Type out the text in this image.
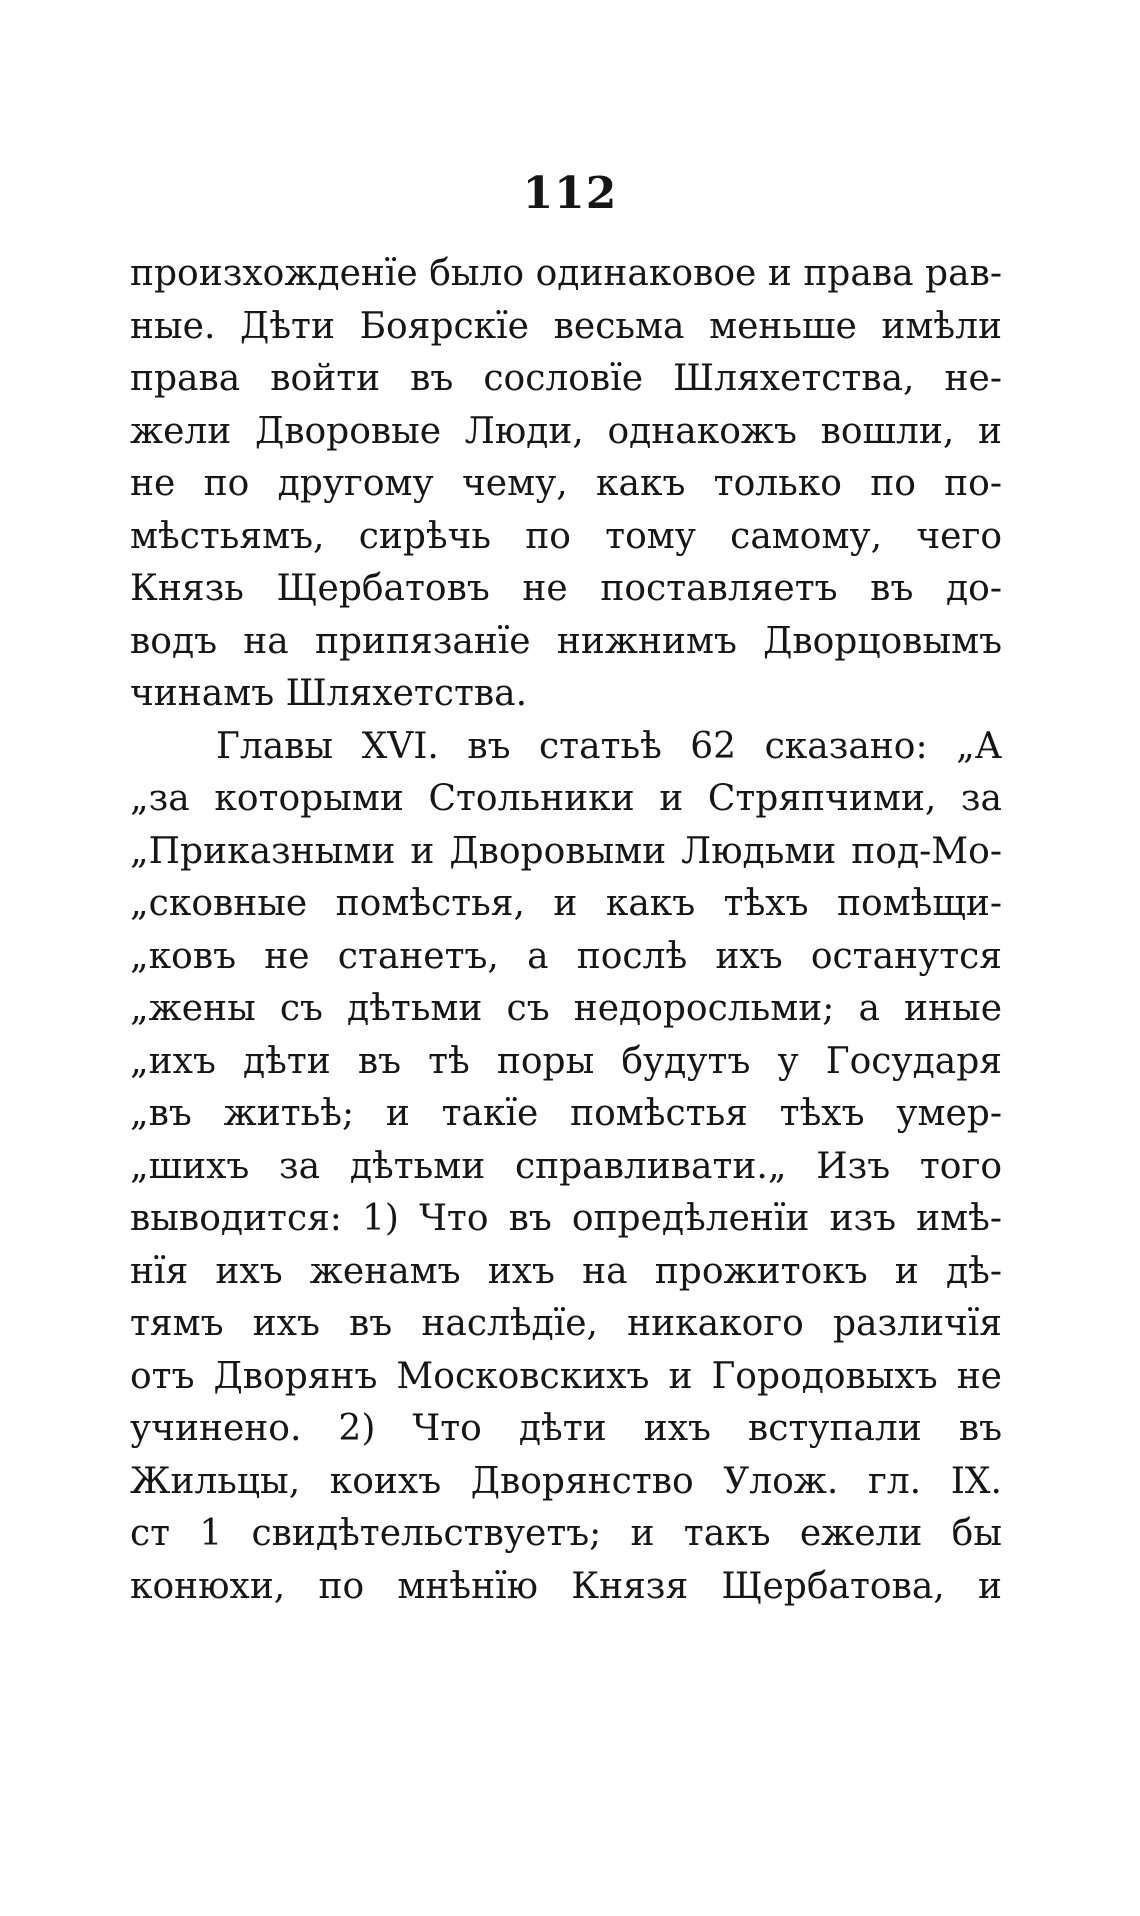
112
произхожденїе было одинаковое и права рав-
ные. Дѣти Боярскїе весьма меньше имѣли
права войти въ сословїе Шляхетства, не-
жели Дворовые Люди, однакожъ вошли, и
не по другому чему, какъ только по по-
мѣстьямъ, сирѣчь по тому самому, чего
Князь Щербатовъ не поставляетъ въ до-
водъ на припязанїе нижнимъ Дворцовымъ
чинамъ Шляхетства.
Главы XVI. въ статьѣ 62 сказано: „А
„за которыми Стольники и Стряпчими, за
„Приказными и Дворовыми Людьми под-Мо-
„сковные помѣстья, и какъ тѣхъ помѣщи-
„ковъ не станетъ, а послѣ ихъ останутся
„жены съ дѣтьми съ недоросльми; а иные
„ихъ дѣти въ тѣ поры будутъ у Государя
„въ житьѣ; и такїе помѣстья тѣхъ умер-
„шихъ за дѣтьми справливати.„ Изъ того
выводится: 1) Что въ опредѣленїи изъ имѣ-
нїя ихъ женамъ ихъ на прожитокъ и дѣ-
тямъ ихъ въ наслѣдїе, никакого различїя
отъ Дворянъ Московскихъ и Городовыхъ не
учинено. 2) Что дѣти ихъ вступали въ
Жильцы, коихъ Дворянство Улож. гл. IX.
ст 1 свидѣтельствуетъ; и такъ ежели бы
конюхи, по мнѣнїю Князя Щербатова, и
